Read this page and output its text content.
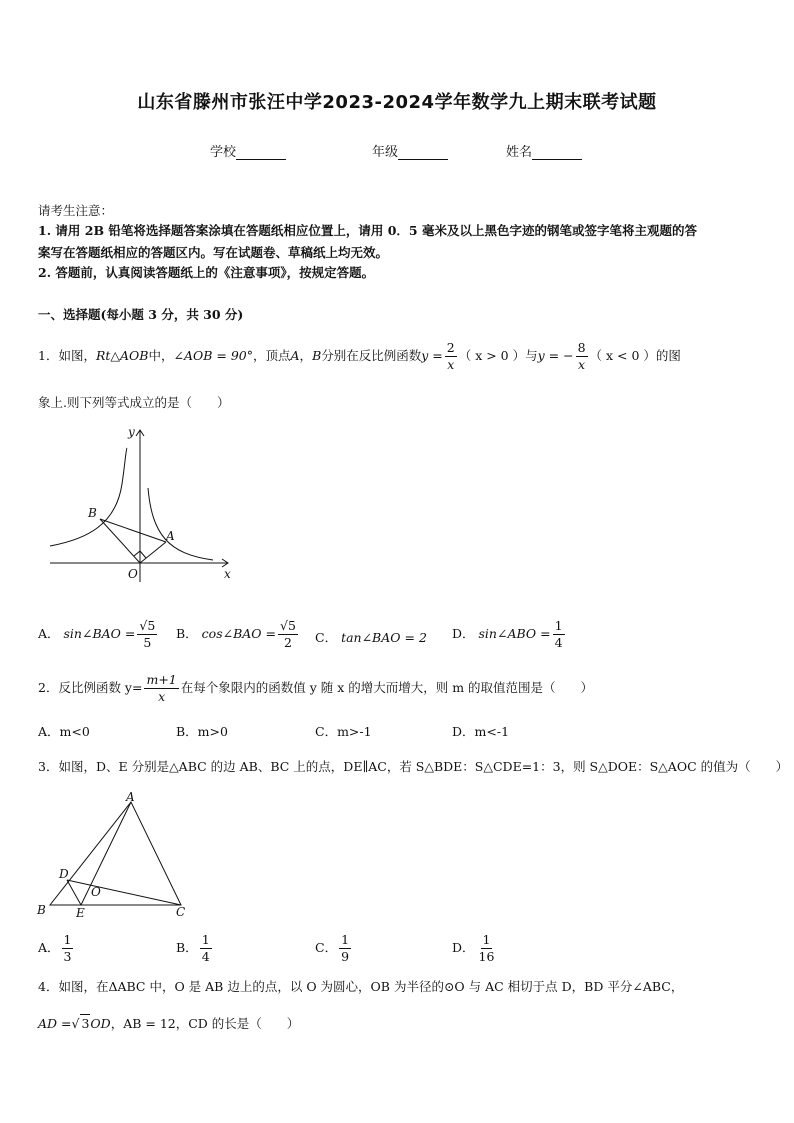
山东省滕州市张汪中学2023-2024学年数学九上期末联考试题
学校	年级	姓名
请考生注意：
1. 请用 2B 铅笔将选择题答案涂填在答题纸相应位置上，请用 0．5 毫米及以上黑色字迹的钢笔或签字笔将主观题的答
案写在答题纸相应的答题区内。写在试题卷、草稿纸上均无效。
2. 答题前，认真阅读答题纸上的《注意事项》，按规定答题。
一、选择题(每小题 3 分，共 30 分)
1．如图，Rt△AOB中，∠AOB = 90°，顶点A，B分别在反比例函数$y = \frac{2}{x}$ （ x > 0 ）与y = − $\frac{8}{x}$ （ x < 0 ）的图
象上.则下列等式成立的是（　　）
y
x
O
A
B
A． sin∠BAO = $\frac{√5}{5}$ B． cos∠BAO = $\frac{√5}{2}$ C． tan∠BAO = 2 D． sin∠ABO = $\frac{1}{4}$
2．反比例函数 $y= \frac{m+1}{x}$ 在每个象限内的函数值 y 随 x 的增大而增大，则 m 的取值范围是（　　）
A．m<0	B．m>0	C．m>-1	D．m<-1
3．如图，D、E 分别是△ABC 的边 AB、BC 上的点，DE∥AC，若 S△BDE：S△CDE=1：3，则 S△DOE：S△AOC 的值为（　　）
A
B	C
D
E
O
A． $\frac{1}{3}$	B． $\frac{1}{4}$	C． $\frac{1}{9}$	D． $\frac{1}{16}$
4．如图，在ΔABC 中，O 是 AB 边上的点，以 O 为圆心，OB 为半径的⊙O 与 AC 相切于点 D，BD 平分∠ABC，
AD =√ 3OD，AB = 12，CD 的长是（　　）
